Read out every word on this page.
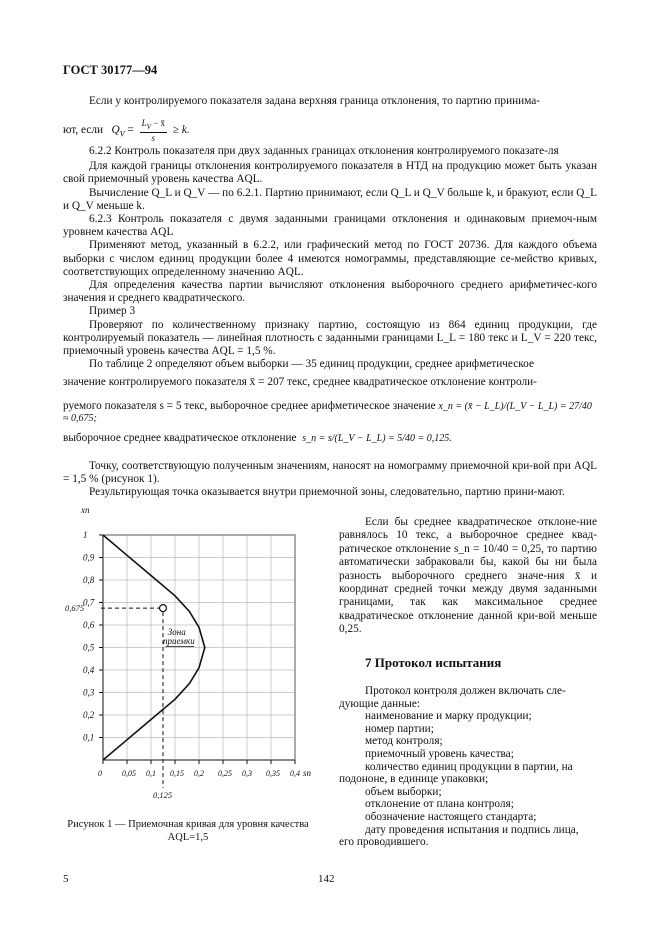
ГОСТ 30177—94

Если у контролируемого показателя задана верхняя граница отклонения, то партию принима-

ют, если $Q_V = \frac{L_V - x̄}{s} \ge k$.

6.2.2 Контроль показателя при двух заданных границах отклонения контролируемого показате-ля

Для каждой границы отклонения контролируемого показателя в НТД на продукцию может быть указан свой приемочный уровень качества AQL.

Вычисление Q_L и Q_V — по 6.2.1. Партию принимают, если Q_L и Q_V больше k, и бракуют, если Q_L и Q_V меньше k.

6.2.3 Контроль показателя с двумя заданными границами отклонения и одинаковым приемоч-ным уровнем качества AQL

Применяют метод, указанный в 6.2.2, или графический метод по ГОСТ 20736. Для каждого объема выборки с числом единиц продукции более 4 имеются номограммы, представляющие се-мейство кривых, соответствующих определенному значению AQL.

Для определения качества партии вычисляют отклонения выборочного среднего арифметичес-кого значения и среднего квадратического.

Пример 3

Проверяют по количественному признаку партию, состоящую из 864 единиц продукции, где контролируемый показатель — линейная плотность с заданными границами L_L = 180 текс и L_V = 220 текс, приемочный уровень качества AQL = 1,5 %.

По таблице 2 определяют объем выборки — 35 единиц продукции, среднее арифметическое

значение контролируемого показателя x̄ = 207 текс, среднее квадратическое отклонение контроли-
руемого показателя s = 5 текс, выборочное среднее арифметическое значение x_n = (x̄ − L_L)/(L_V − L_L) = 27/40 ≈ 0,675;
выборочное среднее квадратическое отклонение s_n = s/(L_V − L_L) = 5/40 = 0,125.

Точку, соответствующую полученным значениям, наносят на номограмму приемочной кри-вой при AQL = 1,5 % (рисунок 1).

Результирующая точка оказывается внутри приемочной зоны, следовательно, партию прини-мают.

0,1
0,2
0,3
0,4
0,5
0,6
0,7
0,8
0,9
1
0	0,05 0,1 0,15 0,2 0,25 0,3 0,35 0,4
xn
sn
0,675
0,125
Зона
приемки
Рисунок 1 — Приемочная кривая для уровня качества AQL=1,5

Если бы среднее квадратическое отклоне-ние равнялось 10 текс, а выборочное среднее квад-ратическое отклонение s_n = 10/40 = 0,25, то партию автоматически забраковали бы, какой бы ни была разность выборочного среднего значе-ния x̄ и координат средней точки между двумя заданными границами, так как максимальное среднее квадратическое отклонение данной кри-вой меньше 0,25.

7 Протокол испытания

Протокол контроля должен включать сле-дующие данные:

наименование и марку продукции;

номер партии;

метод контроля;

приемочный уровень качества;

количество единиц продукции в партии, на

подононе, в единице упаковки;

объем выборки;

отклонение от плана контроля;

обозначение настоящего стандарта;

дату проведения испытания и подпись лица,

его проводившего.

5	142
